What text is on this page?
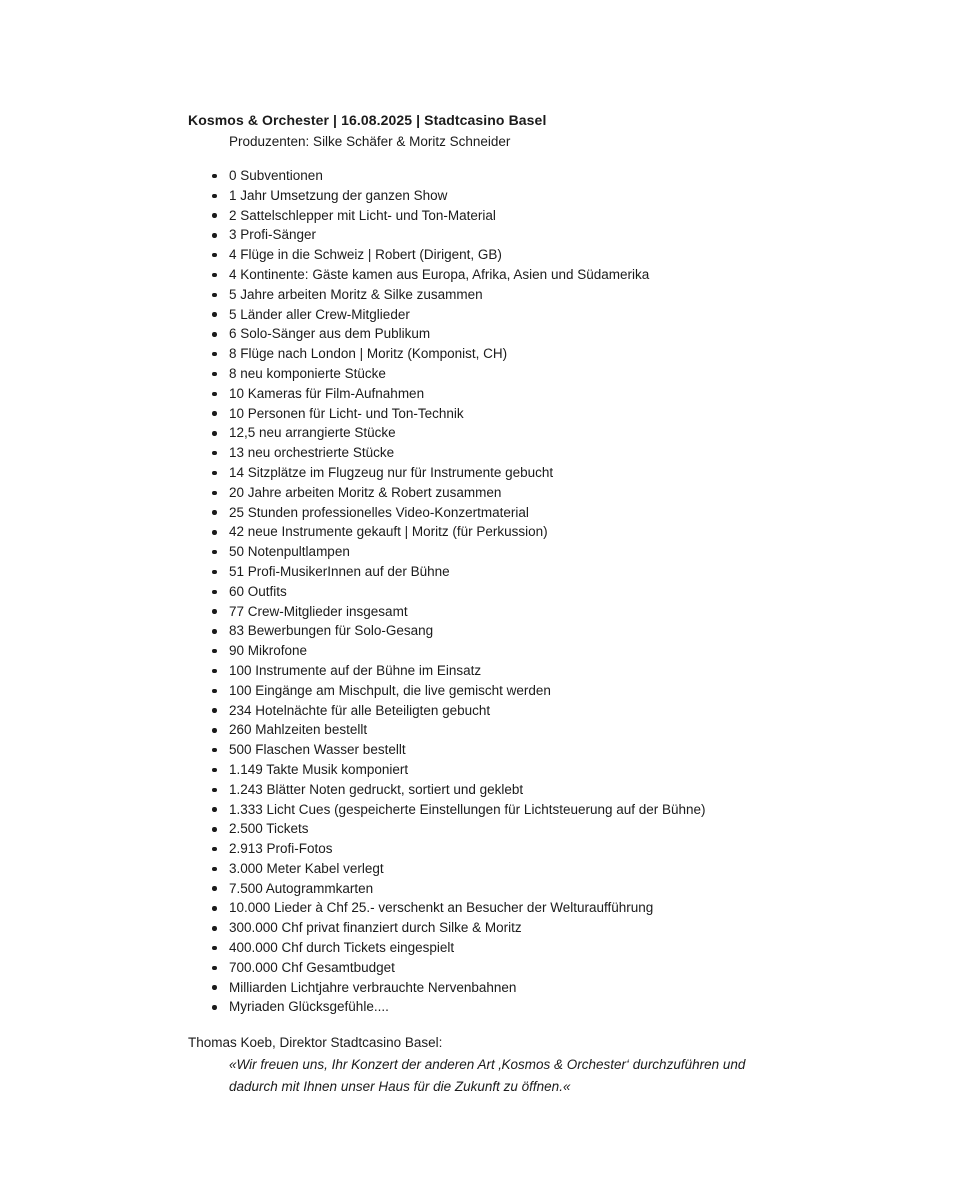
Kosmos & Orchester | 16.08.2025 | Stadtcasino Basel
Produzenten: Silke Schäfer & Moritz Schneider
0 Subventionen
1 Jahr Umsetzung der ganzen Show
2 Sattelschlepper mit Licht- und Ton-Material
3 Profi-Sänger
4 Flüge in die Schweiz | Robert (Dirigent, GB)
4 Kontinente: Gäste kamen aus Europa, Afrika, Asien und Südamerika
5 Jahre arbeiten Moritz & Silke zusammen
5 Länder aller Crew-Mitglieder
6 Solo-Sänger aus dem Publikum
8 Flüge nach London | Moritz (Komponist, CH)
8 neu komponierte Stücke
10 Kameras für Film-Aufnahmen
10 Personen für Licht- und Ton-Technik
12,5 neu arrangierte Stücke
13 neu orchestrierte Stücke
14 Sitzplätze im Flugzeug nur für Instrumente gebucht
20 Jahre arbeiten Moritz & Robert zusammen
25 Stunden professionelles Video-Konzertmaterial
42 neue Instrumente gekauft | Moritz (für Perkussion)
50 Notenpultlampen
51 Profi-MusikerInnen auf der Bühne
60 Outfits
77 Crew-Mitglieder insgesamt
83 Bewerbungen für Solo-Gesang
90 Mikrofone
100 Instrumente auf der Bühne im Einsatz
100 Eingänge am Mischpult, die live gemischt werden
234 Hotelnächte für alle Beteiligten gebucht
260 Mahlzeiten bestellt
500 Flaschen Wasser bestellt
1.149 Takte Musik komponiert
1.243 Blätter Noten gedruckt, sortiert und geklebt
1.333 Licht Cues (gespeicherte Einstellungen für Lichtsteuerung auf der Bühne)
2.500 Tickets
2.913 Profi-Fotos
3.000 Meter Kabel verlegt
7.500 Autogrammkarten
10.000 Lieder à Chf 25.- verschenkt an Besucher der Welturaufführung
300.000 Chf privat finanziert durch Silke & Moritz
400.000 Chf durch Tickets eingespielt
700.000 Chf Gesamtbudget
Milliarden Lichtjahre verbrauchte Nervenbahnen
Myriaden Glücksgefühle....
Thomas Koeb, Direktor Stadtcasino Basel:
«Wir freuen uns, Ihr Konzert der anderen Art ‚Kosmos & Orchester‘ durchzuführen und
dadurch mit Ihnen unser Haus für die Zukunft zu öffnen.«
